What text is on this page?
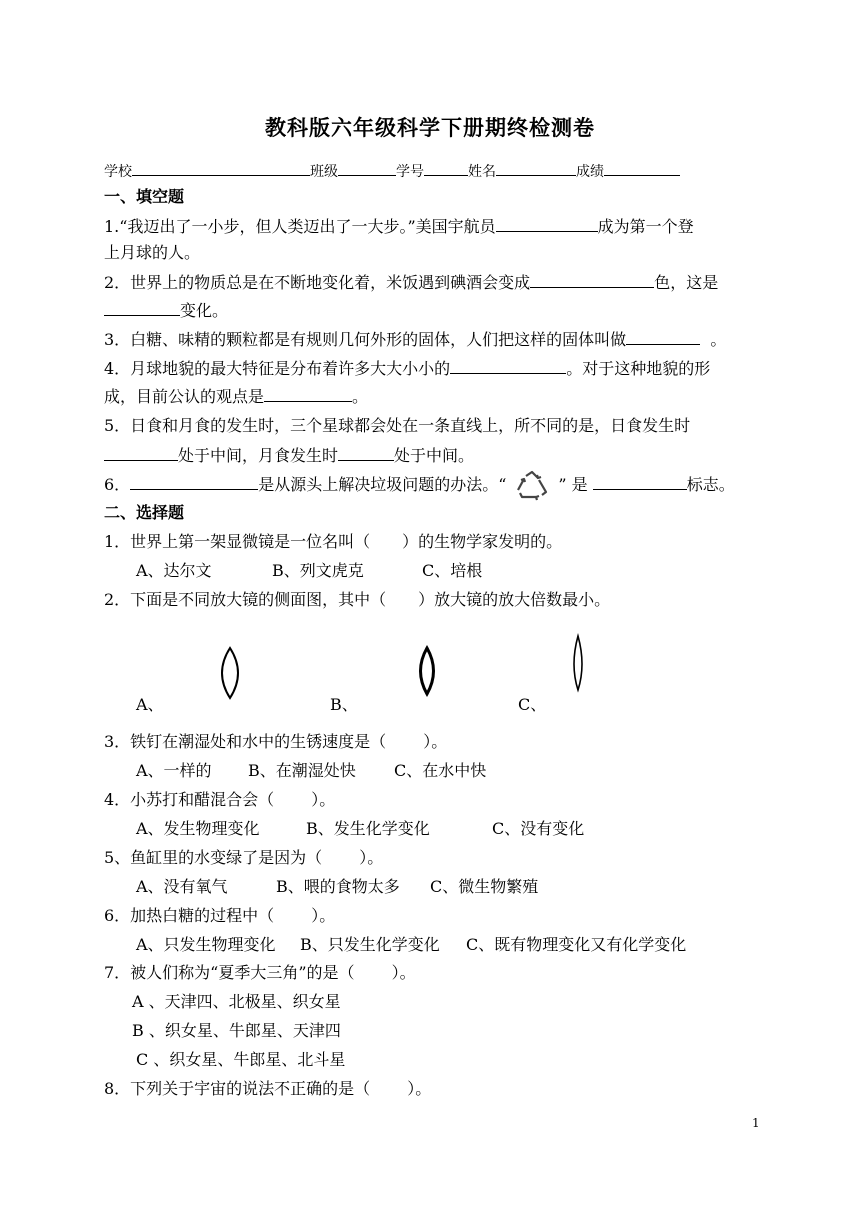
教科版六年级科学下册期终检测卷
学校	班级	学号	姓名	成绩
一、填空题
1.“我迈出了一小步，但人类迈出了一大步。”美国宇航员	成为第一个登
上月球的人。
2．世界上的物质总是在不断地变化着，米饭遇到碘酒会变成	色，这是
变化。
3．白糖、味精的颗粒都是有规则几何外形的固体，人们把这样的固体叫做	。
4．月球地貌的最大特征是分布着许多大大小小的	。对于这种地貌的形
成，目前公认的观点是	。
5．日食和月食的发生时，三个星球都会处在一条直线上，所不同的是，日食发生时
处于中间，月食发生时	处于中间。
6．	是从源头上解决垃圾问题的办法。“	” 是	标志。
二、选择题
1．世界上第一架显微镜是一位名叫（　　）的生物学家发明的。
A、达尔文	B、列文虎克	C、培根
2．下面是不同放大镜的侧面图，其中（　　）放大镜的放大倍数最小。
A、	B、	C、
3．铁钉在潮湿处和水中的生锈速度是（　　 ）。
A、一样的 B、在潮湿处快 C、在水中快
4．小苏打和醋混合会（　　 ）。
A、发生物理变化	B、发生化学变化	C、没有变化
5、鱼缸里的水变绿了是因为（　　 ）。
A、没有氧气	B、喂的食物太多 C、微生物繁殖
6．加热白糖的过程中（　　 ）。
A、只发生物理变化 B、只发生化学变化 C、既有物理变化又有化学变化
7．被人们称为“夏季大三角”的是（　　 ）。
A 、天津四、北极星、织女星
B 、织女星、牛郎星、天津四
C 、织女星、牛郎星、北斗星
8．下列关于宇宙的说法不正确的是（　　 ）。
1
